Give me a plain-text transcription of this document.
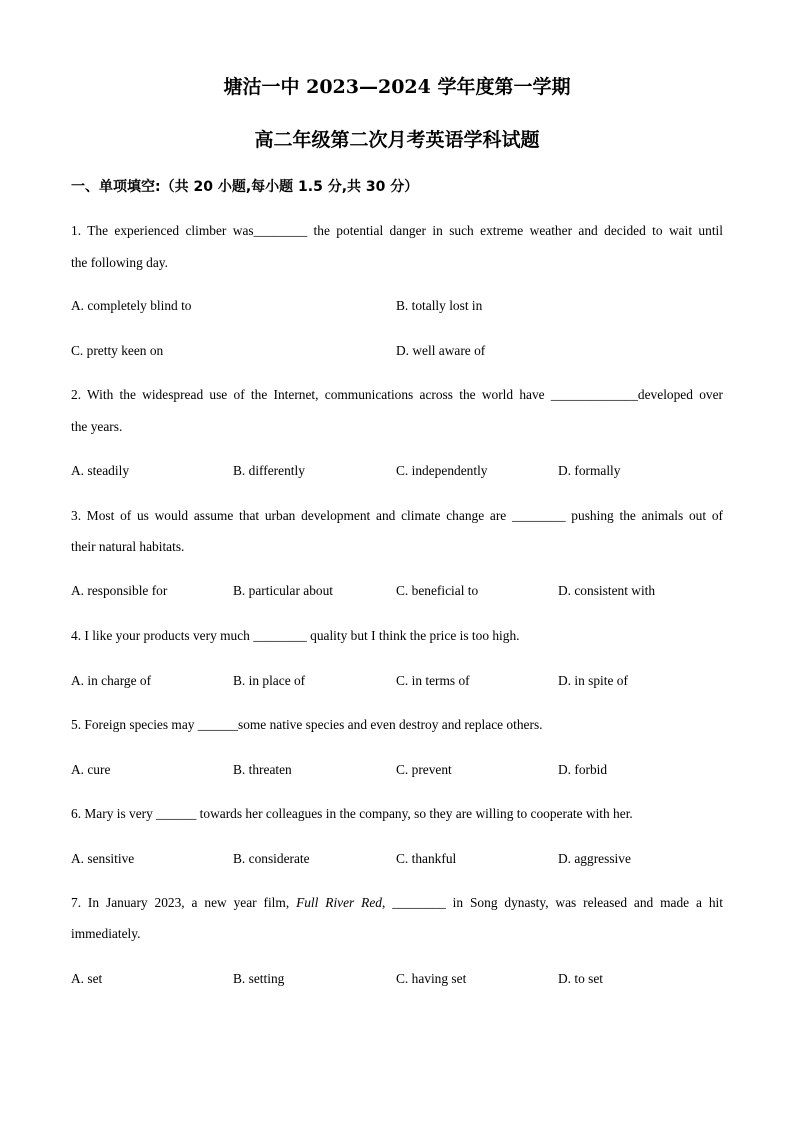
塘沽一中 2023—2024 学年度第一学期
高二年级第二次月考英语学科试题
一、单项填空:（共 20 小题,每小题 1.5 分,共 30 分）
1. The experienced climber was________ the potential danger in such extreme weather and decided to wait until
the following day.
A. completely blind to	B. totally lost in
C. pretty keen on	D. well aware of
2. With the widespread use of the Internet, communications across the world have _____________developed over
the years.
A. steadily	B. differently	C. independently	D. formally
3. Most of us would assume that urban development and climate change are ________ pushing the animals out of
their natural habitats.
A. responsible for	B. particular about	C. beneficial to	D. consistent with
4. I like your products very much ________ quality but I think the price is too high.
A. in charge of	B. in place of	C. in terms of	D. in spite of
5. Foreign species may ______some native species and even destroy and replace others.
A. cure	B. threaten	C. prevent	D. forbid
6. Mary is very ______ towards her colleagues in the company, so they are willing to cooperate with her.
A. sensitive	B. considerate	C. thankful	D. aggressive
7. In January 2023, a new year film, Full River Red, ________ in Song dynasty, was released and made a hit
immediately.
A. set	B. setting	C. having set	D. to set
